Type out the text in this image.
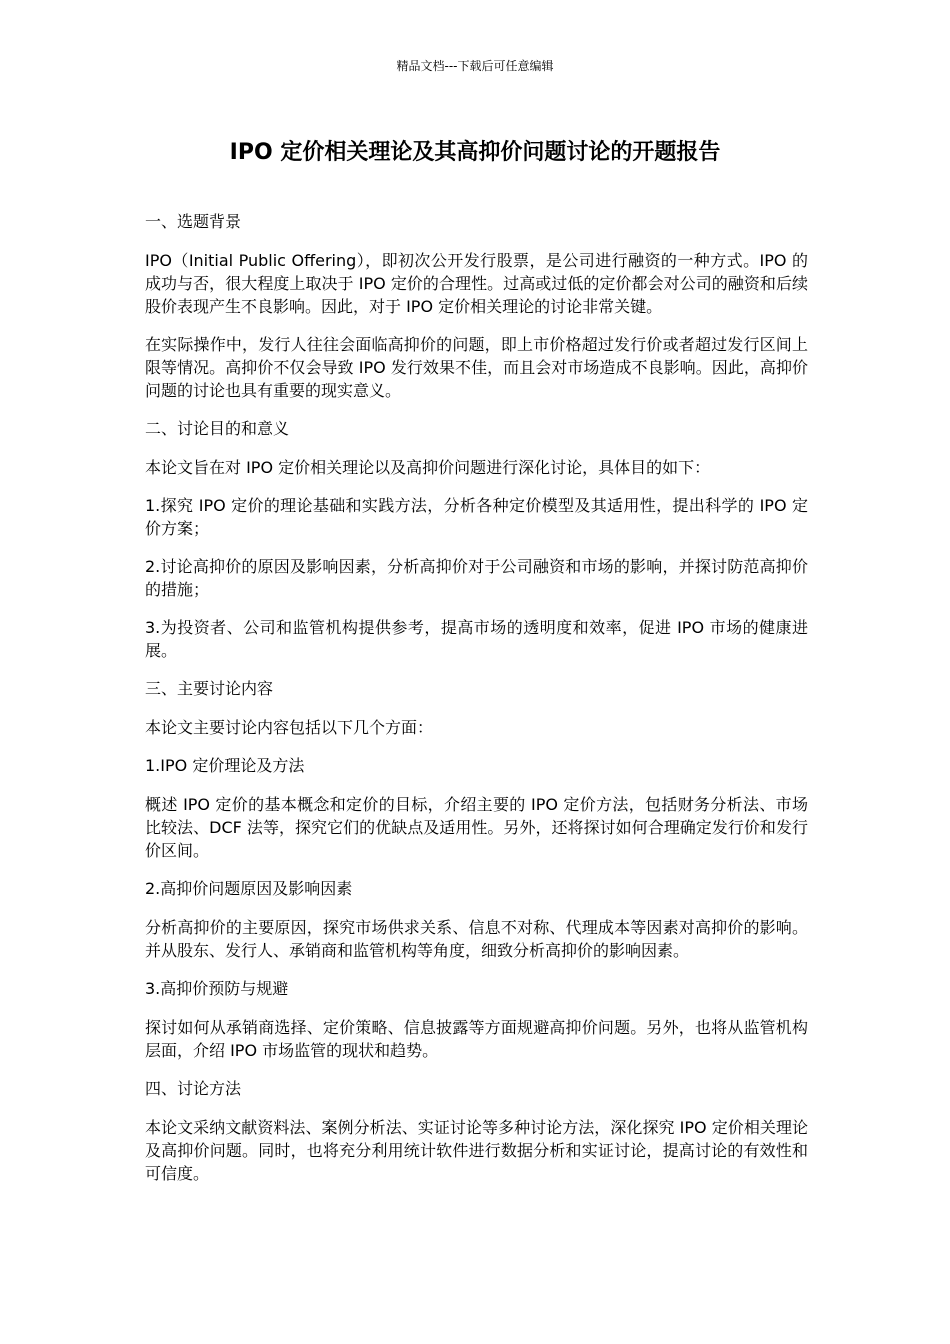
精品文档---下载后可任意编辑
IPO 定价相关理论及其高抑价问题讨论的开题报告

一、选题背景

IPO（Initial Public Offering），即初次公开发行股票，是公司进行融资的一种方式。IPO 的成功与否，很大程度上取决于 IPO 定价的合理性。过高或过低的定价都会对公司的融资和后续股价表现产生不良影响。因此，对于 IPO 定价相关理论的讨论非常关键。

在实际操作中，发行人往往会面临高抑价的问题，即上市价格超过发行价或者超过发行区间上限等情况。高抑价不仅会导致 IPO 发行效果不佳，而且会对市场造成不良影响。因此，高抑价问题的讨论也具有重要的现实意义。

二、讨论目的和意义

本论文旨在对 IPO 定价相关理论以及高抑价问题进行深化讨论，具体目的如下：

1.探究 IPO 定价的理论基础和实践方法，分析各种定价模型及其适用性，提出科学的 IPO 定价方案；

2.讨论高抑价的原因及影响因素，分析高抑价对于公司融资和市场的影响，并探讨防范高抑价的措施；

3.为投资者、公司和监管机构提供参考，提高市场的透明度和效率，促进 IPO 市场的健康进展。

三、主要讨论内容

本论文主要讨论内容包括以下几个方面：

1.IPO 定价理论及方法

概述 IPO 定价的基本概念和定价的目标，介绍主要的 IPO 定价方法，包括财务分析法、市场比较法、DCF 法等，探究它们的优缺点及适用性。另外，还将探讨如何合理确定发行价和发行价区间。

2.高抑价问题原因及影响因素

分析高抑价的主要原因，探究市场供求关系、信息不对称、代理成本等因素对高抑价的影响。并从股东、发行人、承销商和监管机构等角度，细致分析高抑价的影响因素。

3.高抑价预防与规避

探讨如何从承销商选择、定价策略、信息披露等方面规避高抑价问题。另外，也将从监管机构层面，介绍 IPO 市场监管的现状和趋势。

四、讨论方法

本论文采纳文献资料法、案例分析法、实证讨论等多种讨论方法，深化探究 IPO 定价相关理论及高抑价问题。同时，也将充分利用统计软件进行数据分析和实证讨论，提高讨论的有效性和可信度。
